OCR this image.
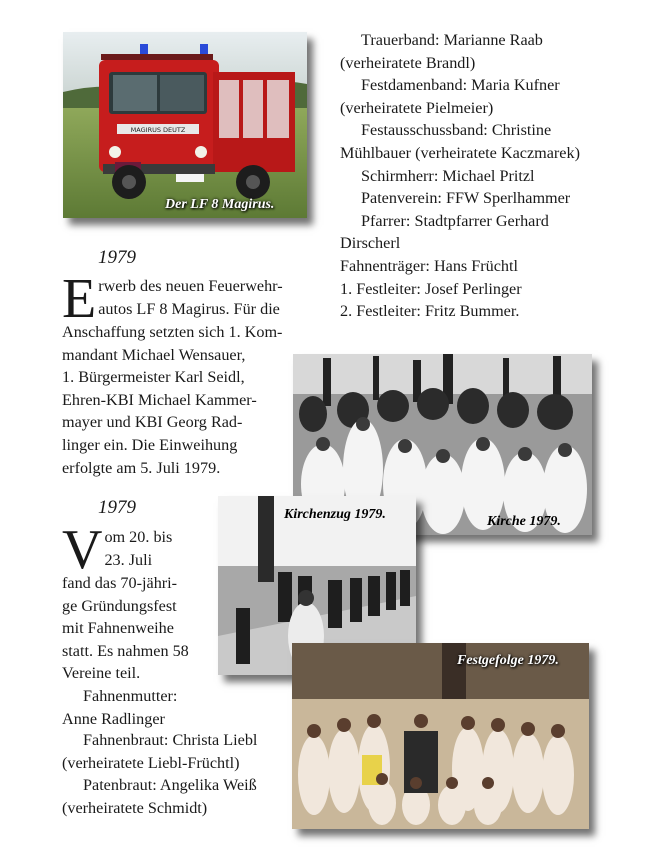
MAGIRUS DEUTZ
Der LF 8 Magirus.
Kirche 1979.
Kirchenzug 1979.
Festgefolge 1979.

Trauerband: Marianne Raab

(verheiratete Brandl)

Festdamenband: Maria Kufner

(verheiratete Pielmeier)

Festausschussband: Christine

Mühlbauer (verheiratete Kaczmarek)

Schirmherr: Michael Pritzl

Patenverein: FFW Sperlhammer

Pfarrer: Stadtpfarrer Gerhard

Dirscherl

Fahnenträger: Hans Früchtl

1. Festleiter: Josef Perlinger

2. Festleiter: Fritz Bummer.

1979
E rwerb des neuen Feuerwehr-

autos LF 8 Magirus. Für die

Anschaffung setzten sich 1. Kom-

mandant Michael Wensauer,

1. Bürgermeister Karl Seidl,

Ehren-KBI Michael Kammer-

mayer und KBI Georg Rad-

linger ein. Die Einweihung

erfolgte am 5. Juli 1979.

1979
V om 20. bis

23. Juli

fand das 70-jähri-

ge Gründungsfest

mit Fahnenweihe

statt. Es nahmen 58

Vereine teil.

Fahnenmutter:

Anne Radlinger

Fahnenbraut: Christa Liebl

(verheiratete Liebl-Früchtl)

Patenbraut: Angelika Weiß

(verheiratete Schmidt)
